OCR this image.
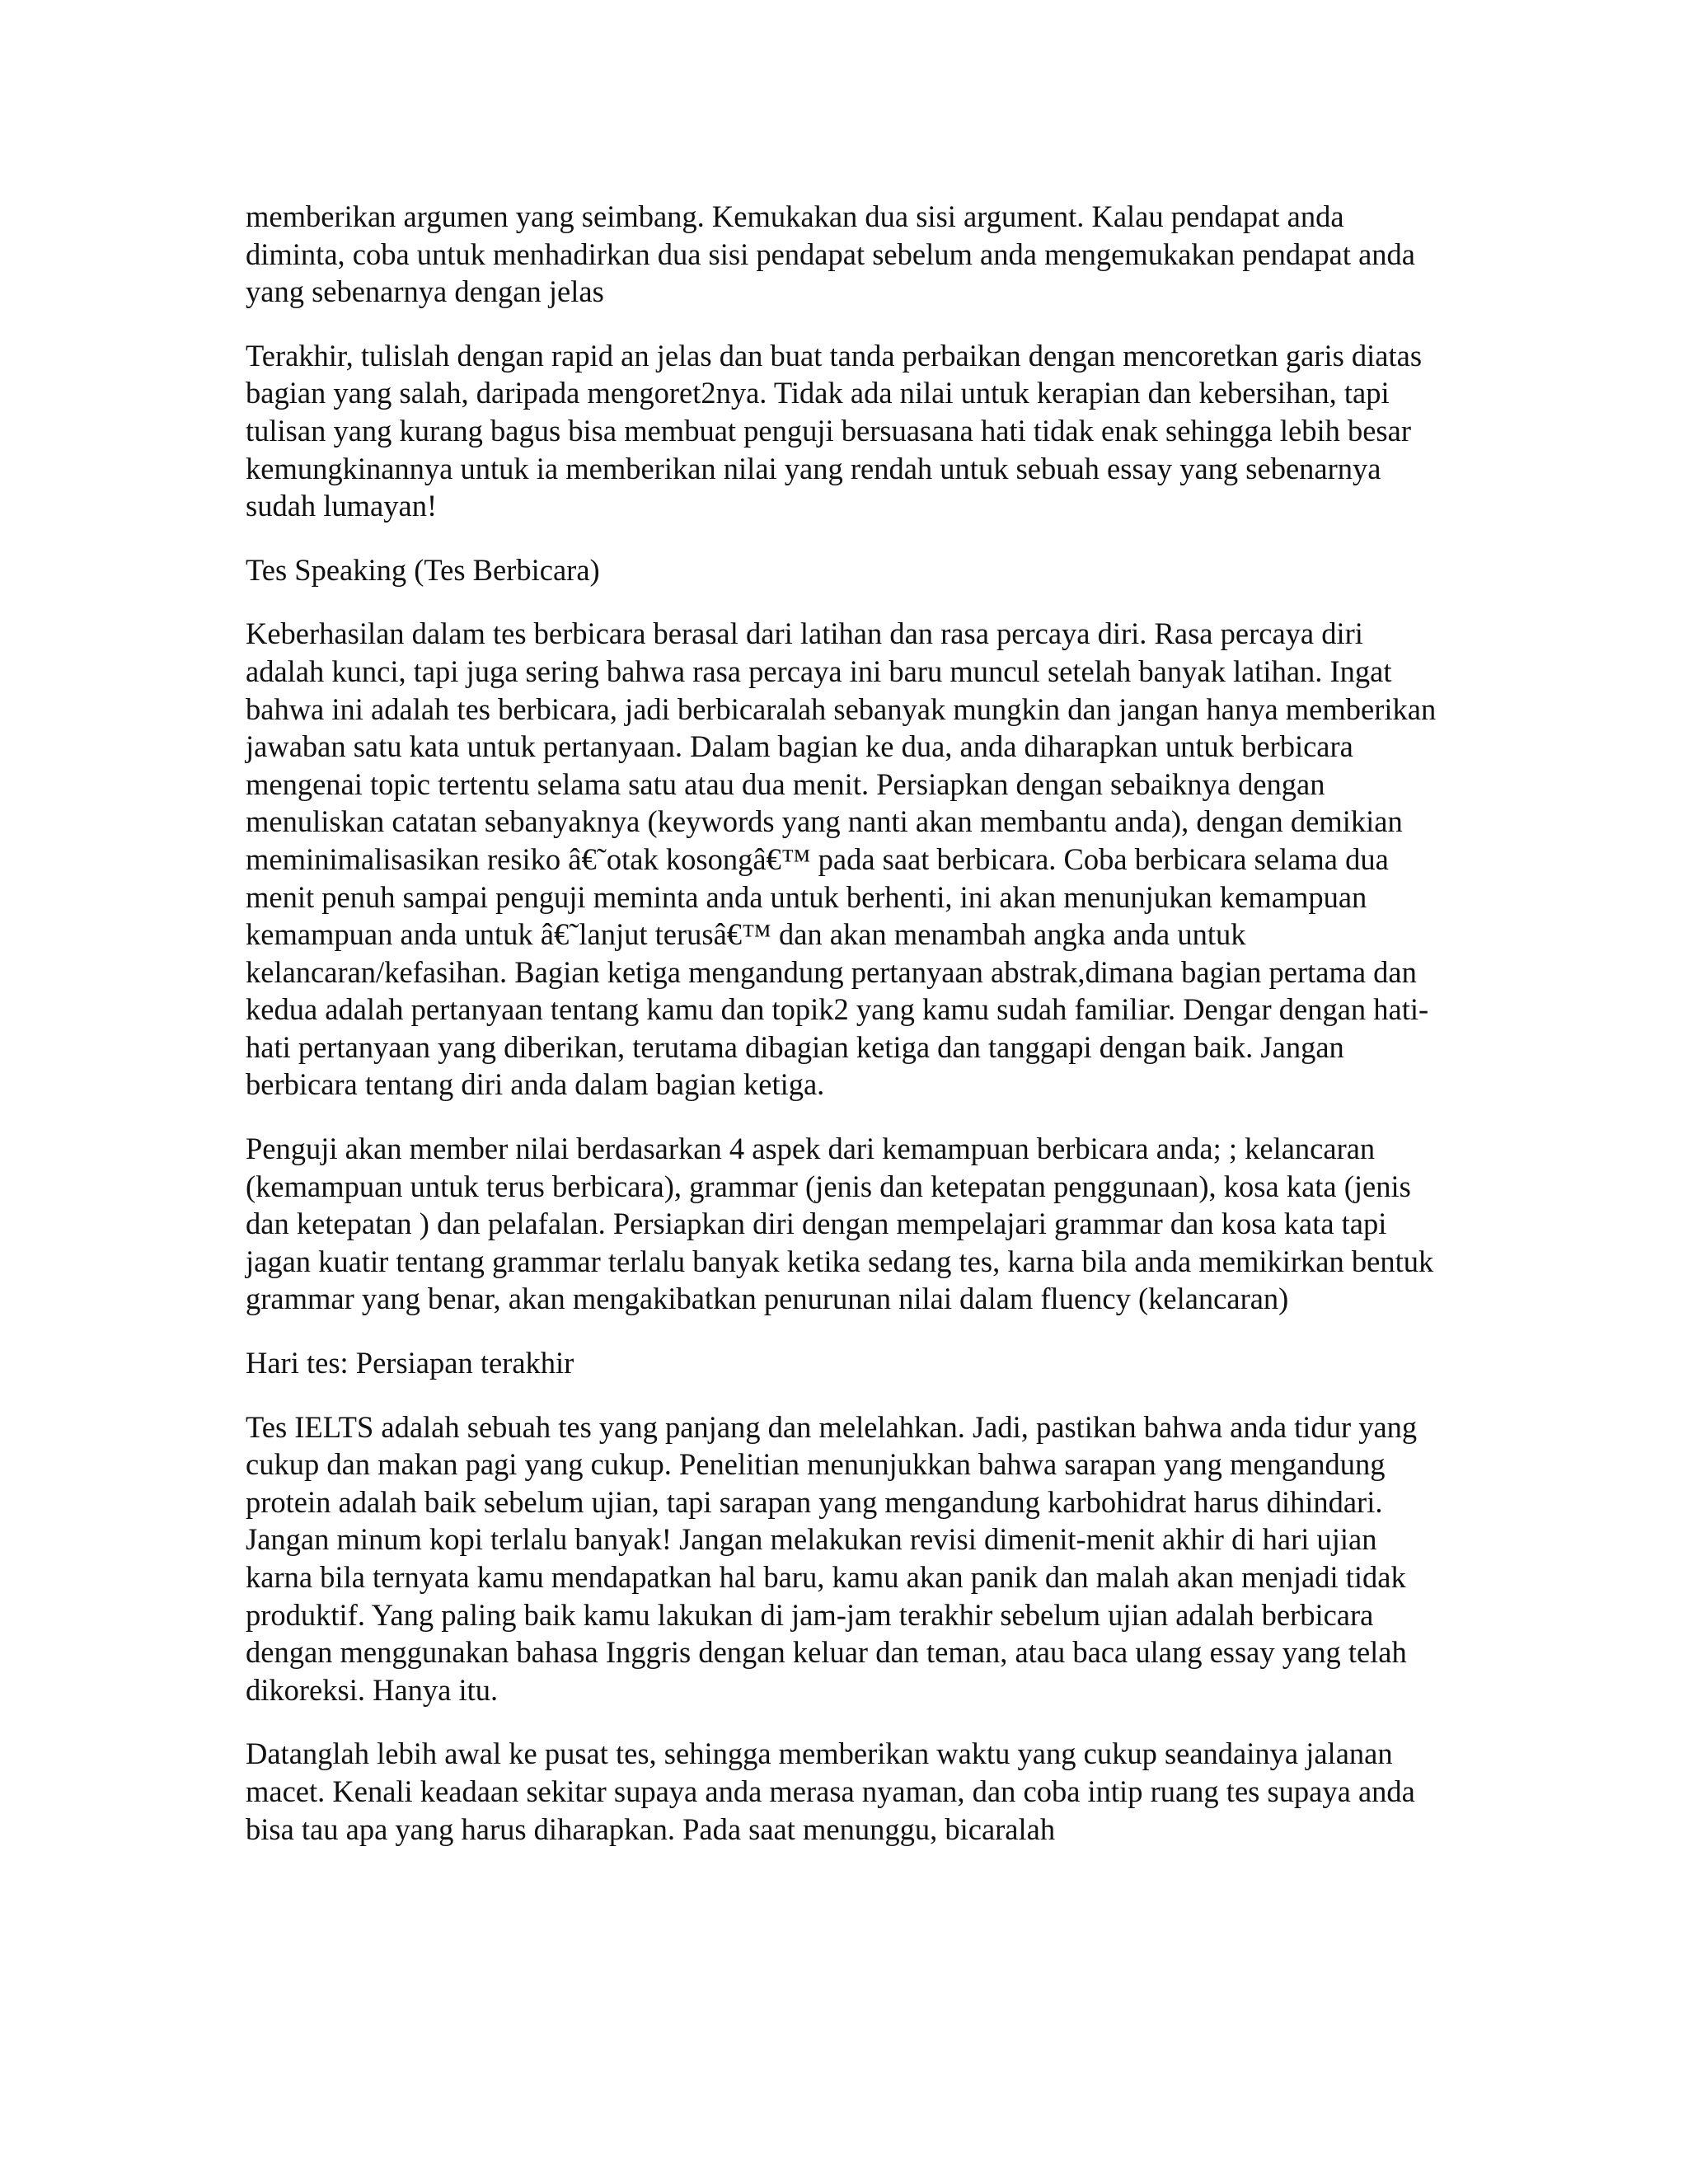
memberikan argumen yang seimbang. Kemukakan dua sisi argument. Kalau pendapat anda diminta, coba untuk menhadirkan dua sisi pendapat sebelum anda mengemukakan pendapat anda yang sebenarnya dengan jelas

Terakhir, tulislah dengan rapid an jelas dan buat tanda perbaikan dengan mencoretkan garis diatas bagian yang salah, daripada mengoret2nya. Tidak ada nilai untuk kerapian dan kebersihan, tapi tulisan yang kurang bagus bisa membuat penguji bersuasana hati tidak enak sehingga lebih besar kemungkinannya untuk ia memberikan nilai yang rendah untuk sebuah essay yang sebenarnya sudah lumayan!

Tes Speaking (Tes Berbicara)

Keberhasilan dalam tes berbicara berasal dari latihan dan rasa percaya diri. Rasa percaya diri adalah kunci, tapi juga sering bahwa rasa percaya ini baru muncul setelah banyak latihan. Ingat bahwa ini adalah tes berbicara, jadi berbicaralah sebanyak mungkin dan jangan hanya memberikan jawaban satu kata untuk pertanyaan. Dalam bagian ke dua, anda diharapkan untuk berbicara mengenai topic tertentu selama satu atau dua menit. Persiapkan dengan sebaiknya dengan menuliskan catatan sebanyaknya (keywords yang nanti akan membantu anda), dengan demikian meminimalisasikan resiko â€˜otak kosongâ€™ pada saat berbicara. Coba berbicara selama dua menit penuh sampai penguji meminta anda untuk berhenti, ini akan menunjukan kemampuan kemampuan anda untuk â€˜lanjut terusâ€™ dan akan menambah angka anda untuk kelancaran/kefasihan. Bagian ketiga mengandung pertanyaan abstrak,dimana bagian pertama dan kedua adalah pertanyaan tentang kamu dan topik2 yang kamu sudah familiar. Dengar dengan hati-hati pertanyaan yang diberikan, terutama dibagian ketiga dan tanggapi dengan baik. Jangan berbicara tentang diri anda dalam bagian ketiga.

Penguji akan member nilai berdasarkan 4 aspek dari kemampuan berbicara anda; ; kelancaran (kemampuan untuk terus berbicara), grammar (jenis dan ketepatan penggunaan), kosa kata (jenis dan ketepatan ) dan pelafalan. Persiapkan diri dengan mempelajari grammar dan kosa kata tapi jagan kuatir tentang grammar terlalu banyak ketika sedang tes, karna bila anda memikirkan bentuk grammar yang benar, akan mengakibatkan penurunan nilai dalam fluency (kelancaran)

Hari tes: Persiapan terakhir

Tes IELTS adalah sebuah tes yang panjang dan melelahkan. Jadi, pastikan bahwa anda tidur yang cukup dan makan pagi yang cukup. Penelitian menunjukkan bahwa sarapan yang mengandung protein adalah baik sebelum ujian, tapi sarapan yang mengandung karbohidrat harus dihindari. Jangan minum kopi terlalu banyak! Jangan melakukan revisi dimenit-menit akhir di hari ujian karna bila ternyata kamu mendapatkan hal baru, kamu akan panik dan malah akan menjadi tidak produktif. Yang paling baik kamu lakukan di jam-jam terakhir sebelum ujian adalah berbicara dengan menggunakan bahasa Inggris dengan keluar dan teman, atau baca ulang essay yang telah dikoreksi. Hanya itu.

Datanglah lebih awal ke pusat tes, sehingga memberikan waktu yang cukup seandainya jalanan macet. Kenali keadaan sekitar supaya anda merasa nyaman, dan coba intip ruang tes supaya anda bisa tau apa yang harus diharapkan. Pada saat menunggu, bicaralah
